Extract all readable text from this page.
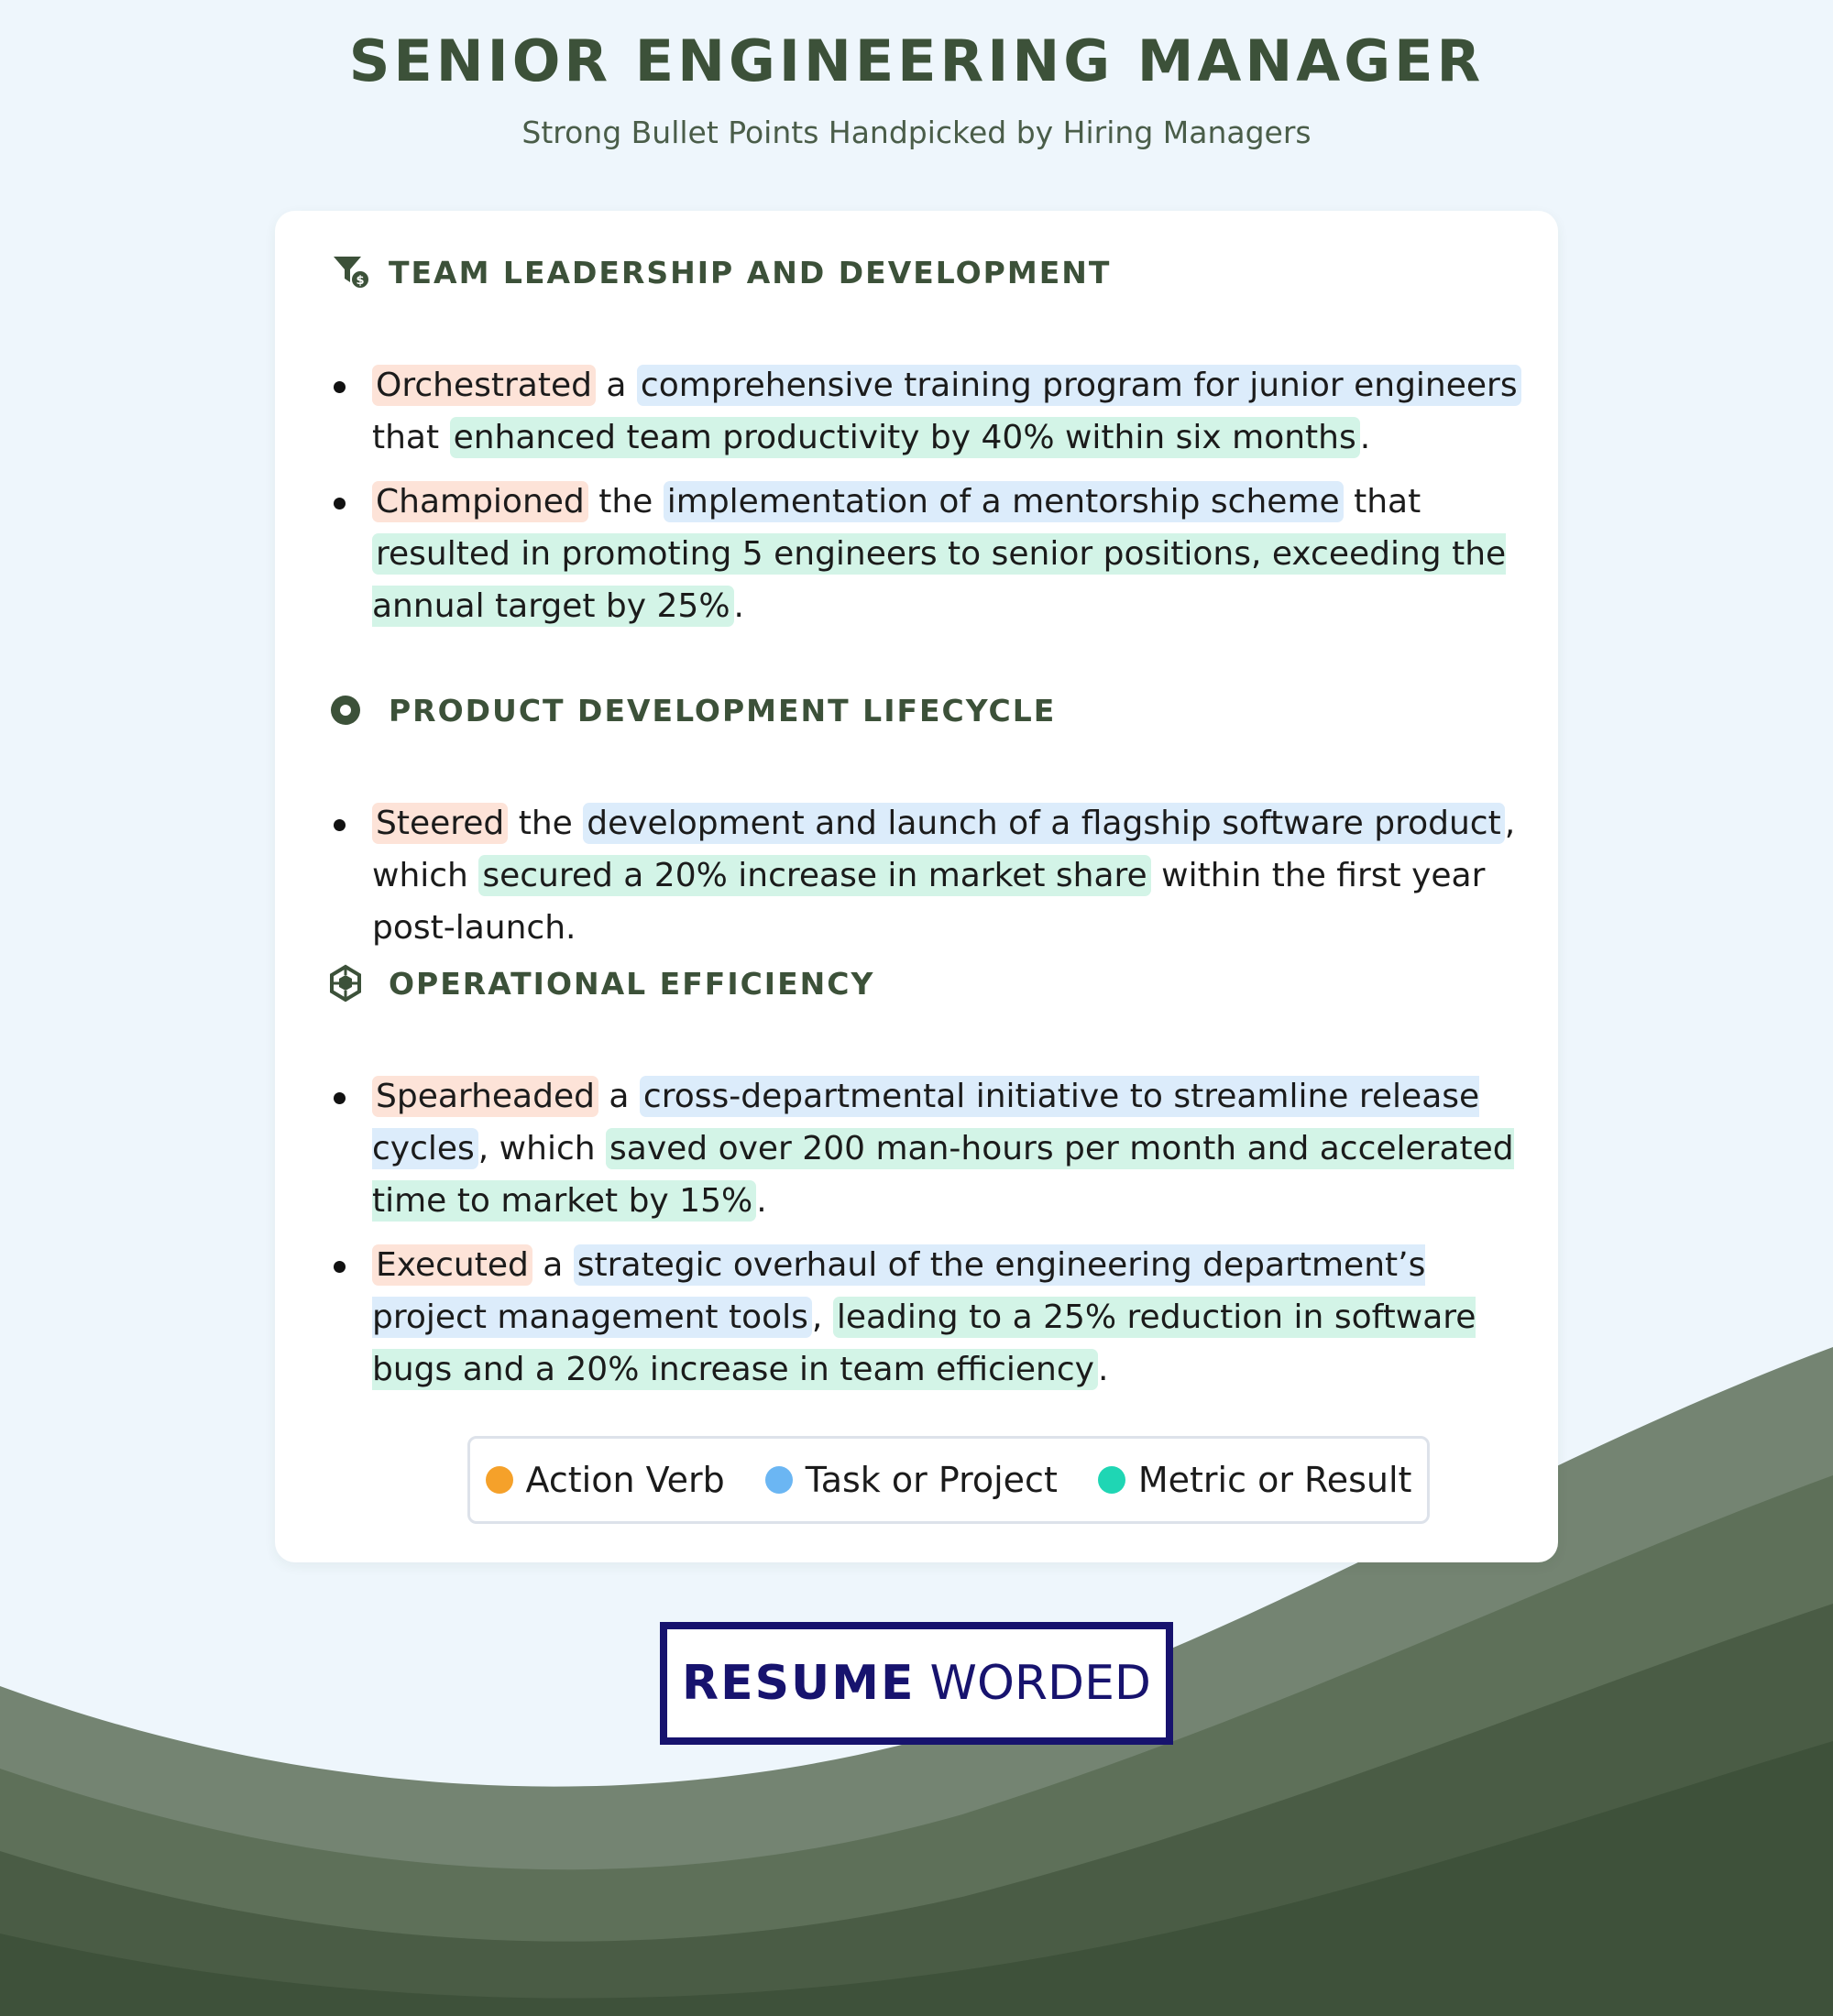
SENIOR ENGINEERING MANAGER
Strong Bullet Points Handpicked by Hiring Managers
$ TEAM LEADERSHIP AND DEVELOPMENT
Orchestrated a comprehensive training program for junior engineers that enhanced team productivity by 40% within six months .
Championed the implementation of a mentorship scheme that resulted in promoting 5 engineers to senior positions, exceeding the annual target by 25% .
PRODUCT DEVELOPMENT LIFECYCLE
Steered the development and launch of a flagship software product , which secured a 20% increase in market share within the first year post-launch.
OPERATIONAL EFFICIENCY
Spearheaded a cross-departmental initiative to streamline release cycles , which saved over 200 man-hours per month and accelerated time to market by 15% .
Executed a strategic overhaul of the engineering department’s project management tools , leading to a 25% reduction in software bugs and a 20% increase in team efficiency .
Action Verb Task or Project Metric or Result
RESUME WORDED
